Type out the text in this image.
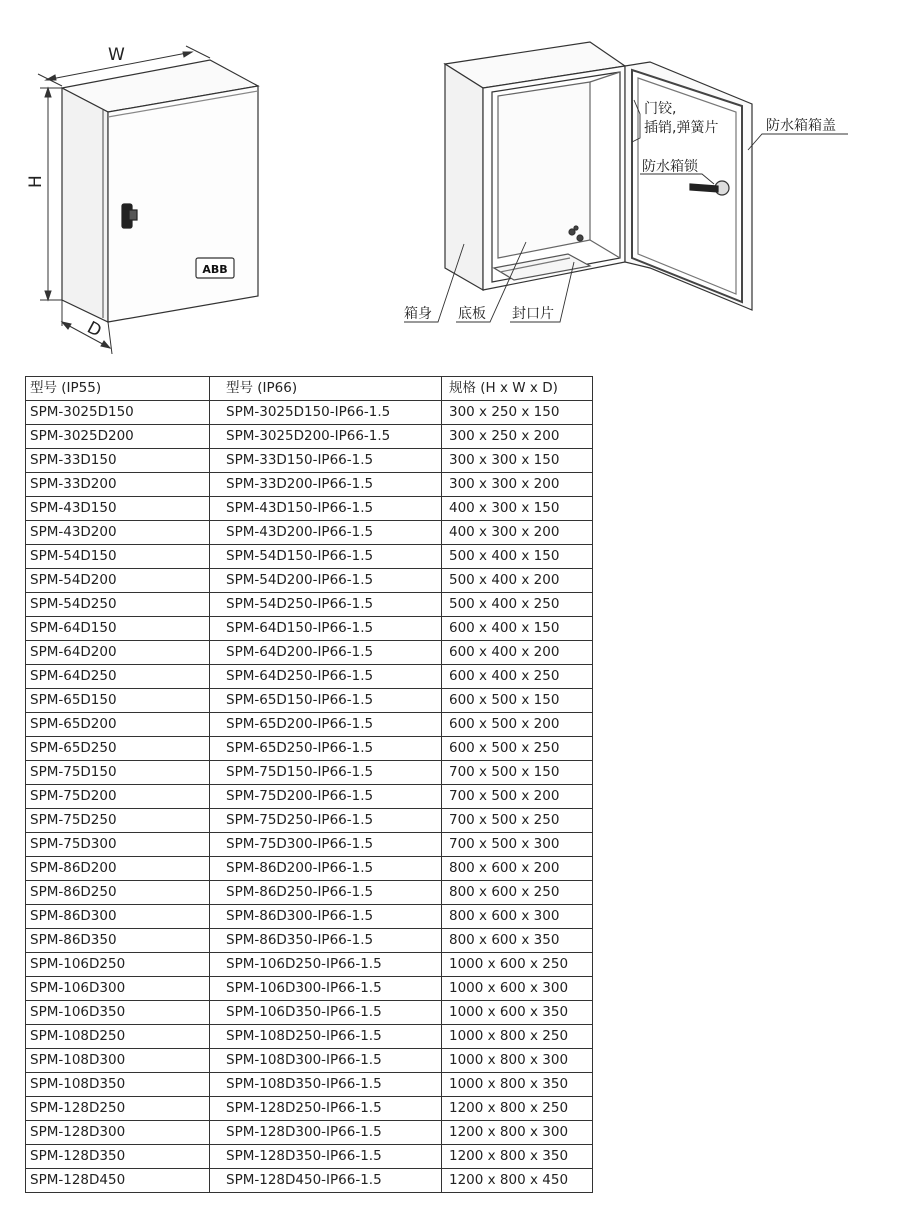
ABB
W
H
D
门铰,
插销,弹簧片
防水箱锁
防水箱箱盖
箱身 底板 封口片
型号 (IP55)	型号 (IP66)	规格 (H x W x D)
SPM-3025D150	SPM-3025D150-IP66-1.5	300 x 250 x 150
SPM-3025D200	SPM-3025D200-IP66-1.5	300 x 250 x 200
SPM-33D150	SPM-33D150-IP66-1.5	300 x 300 x 150
SPM-33D200	SPM-33D200-IP66-1.5	300 x 300 x 200
SPM-43D150	SPM-43D150-IP66-1.5	400 x 300 x 150
SPM-43D200	SPM-43D200-IP66-1.5	400 x 300 x 200
SPM-54D150	SPM-54D150-IP66-1.5	500 x 400 x 150
SPM-54D200	SPM-54D200-IP66-1.5	500 x 400 x 200
SPM-54D250	SPM-54D250-IP66-1.5	500 x 400 x 250
SPM-64D150	SPM-64D150-IP66-1.5	600 x 400 x 150
SPM-64D200	SPM-64D200-IP66-1.5	600 x 400 x 200
SPM-64D250	SPM-64D250-IP66-1.5	600 x 400 x 250
SPM-65D150	SPM-65D150-IP66-1.5	600 x 500 x 150
SPM-65D200	SPM-65D200-IP66-1.5	600 x 500 x 200
SPM-65D250	SPM-65D250-IP66-1.5	600 x 500 x 250
SPM-75D150	SPM-75D150-IP66-1.5	700 x 500 x 150
SPM-75D200	SPM-75D200-IP66-1.5	700 x 500 x 200
SPM-75D250	SPM-75D250-IP66-1.5	700 x 500 x 250
SPM-75D300	SPM-75D300-IP66-1.5	700 x 500 x 300
SPM-86D200	SPM-86D200-IP66-1.5	800 x 600 x 200
SPM-86D250	SPM-86D250-IP66-1.5	800 x 600 x 250
SPM-86D300	SPM-86D300-IP66-1.5	800 x 600 x 300
SPM-86D350	SPM-86D350-IP66-1.5	800 x 600 x 350
SPM-106D250	SPM-106D250-IP66-1.5	1000 x 600 x 250
SPM-106D300	SPM-106D300-IP66-1.5	1000 x 600 x 300
SPM-106D350	SPM-106D350-IP66-1.5	1000 x 600 x 350
SPM-108D250	SPM-108D250-IP66-1.5	1000 x 800 x 250
SPM-108D300	SPM-108D300-IP66-1.5	1000 x 800 x 300
SPM-108D350	SPM-108D350-IP66-1.5	1000 x 800 x 350
SPM-128D250	SPM-128D250-IP66-1.5	1200 x 800 x 250
SPM-128D300	SPM-128D300-IP66-1.5	1200 x 800 x 300
SPM-128D350	SPM-128D350-IP66-1.5	1200 x 800 x 350
SPM-128D450	SPM-128D450-IP66-1.5	1200 x 800 x 450
